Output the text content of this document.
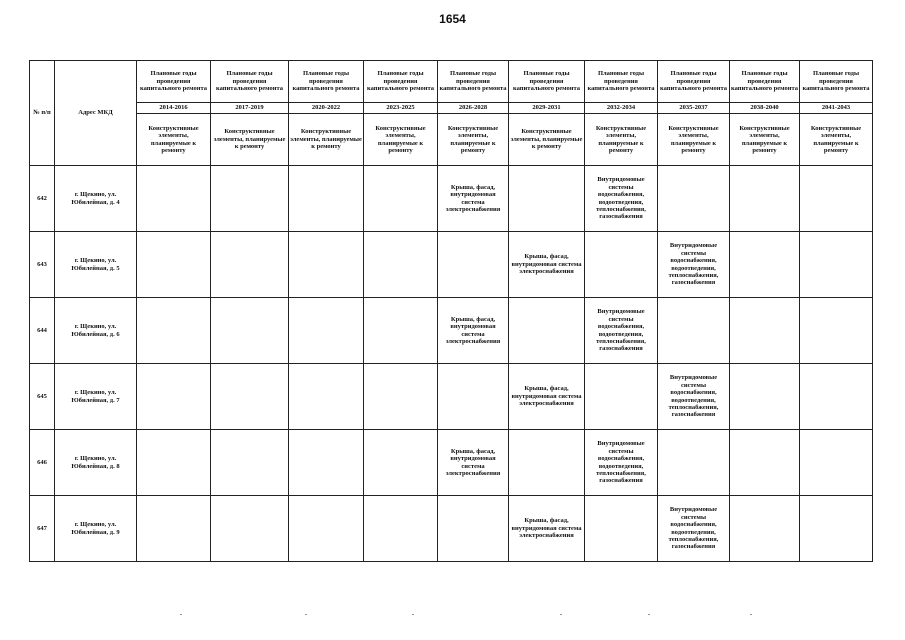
1654
№ п/п	Адрес МКД	Плановые годы проведения капитального ремонта	Плановые годы проведения капитального ремонта	Плановые годы проведения капитального ремонта	Плановые годы проведения капитального ремонта	Плановые годы проведения капитального ремонта	Плановые годы проведения капитального ремонта	Плановые годы проведения капитального ремонта	Плановые годы проведения капитального ремонта	Плановые годы проведения капитального ремонта	Плановые годы проведения капитального ремонта
		2014-2016	2017-2019	2020-2022	2023-2025	2026-2028	2029-2031	2032-2034	2035-2037	2038-2040	2041-2043
		Конструктивные элементы, планируемые к ремонту	Конструктивные элементы, планируемые к ремонту	Конструктивные элементы, планируемые к ремонту	Конструктивные элементы, планируемые к ремонту	Конструктивные элементы, планируемые к ремонту	Конструктивные элементы, планируемые к ремонту	Конструктивные элементы, планируемые к ремонту	Конструктивные элементы, планируемые к ремонту	Конструктивные элементы, планируемые к ремонту	Конструктивные элементы, планируемые к ремонту
642	г. Щекино, ул. Юбилейная, д. 4					Крыша, фасад, внутридомовая система электроснабжения		Внутридомовые системы водоснабжения, водоотведения, теплоснабжения, газоснабжения			
643	г. Щекино, ул. Юбилейная, д. 5						Крыша, фасад, внутридомовая система электроснабжения		Внутридомовые системы водоснабжения, водоотведения, теплоснабжения, газоснабжения		
644	г. Щекино, ул. Юбилейная, д. 6					Крыша, фасад, внутридомовая система электроснабжения		Внутридомовые системы водоснабжения, водоотведения, теплоснабжения, газоснабжения			
645	г. Щекино, ул. Юбилейная, д. 7						Крыша, фасад, внутридомовая система электроснабжения		Внутридомовые системы водоснабжения, водоотведения, теплоснабжения, газоснабжения		
646	г. Щекино, ул. Юбилейная, д. 8					Крыша, фасад, внутридомовая система электроснабжения		Внутридомовые системы водоснабжения, водоотведения, теплоснабжения, газоснабжения			
647	г. Щекино, ул. Юбилейная, д. 9						Крыша, фасад, внутридомовая система электроснабжения		Внутридомовые системы водоснабжения, водоотведения, теплоснабжения, газоснабжения		
